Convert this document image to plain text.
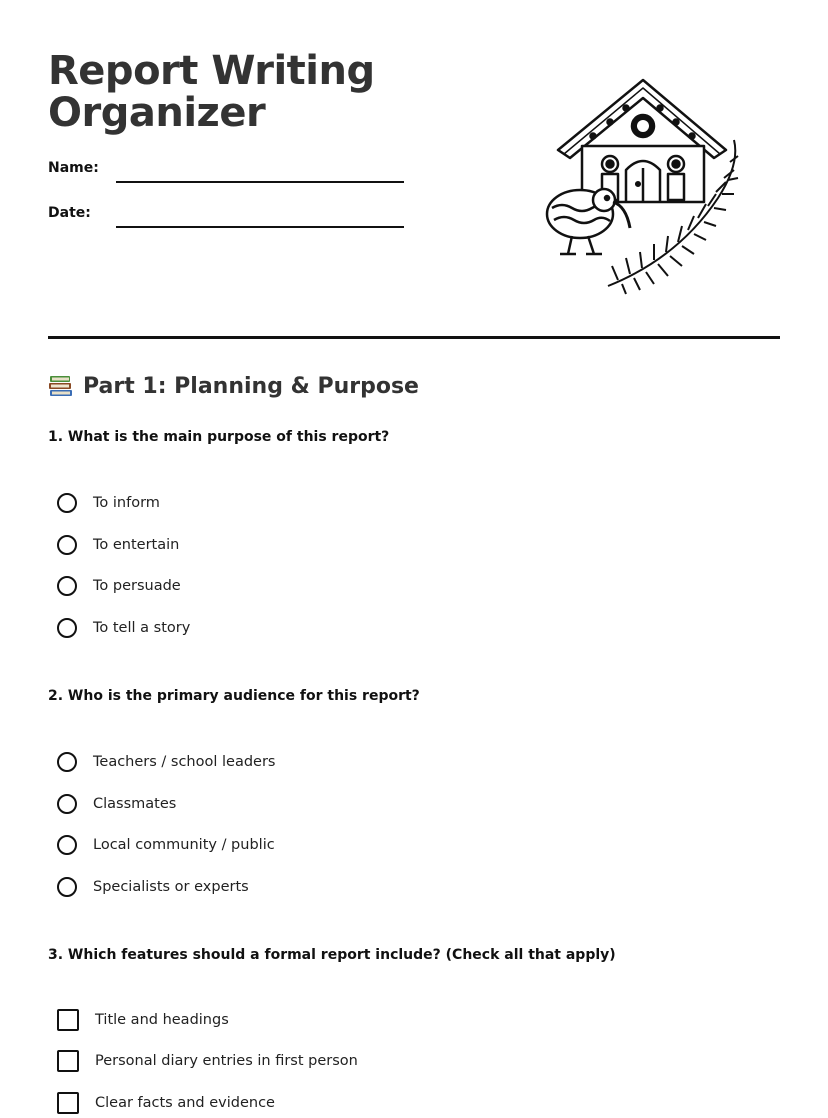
Report Writing Organizer
Name:
Date:
Part 1: Planning & Purpose

1. What is the main purpose of this report?

To inform
To entertain
To persuade
To tell a story

2. Who is the primary audience for this report?

Teachers / school leaders
Classmates
Local community / public
Specialists or experts

3. Which features should a formal report include? (Check all that apply)

Title and headings
Personal diary entries in first person
Clear facts and evidence
